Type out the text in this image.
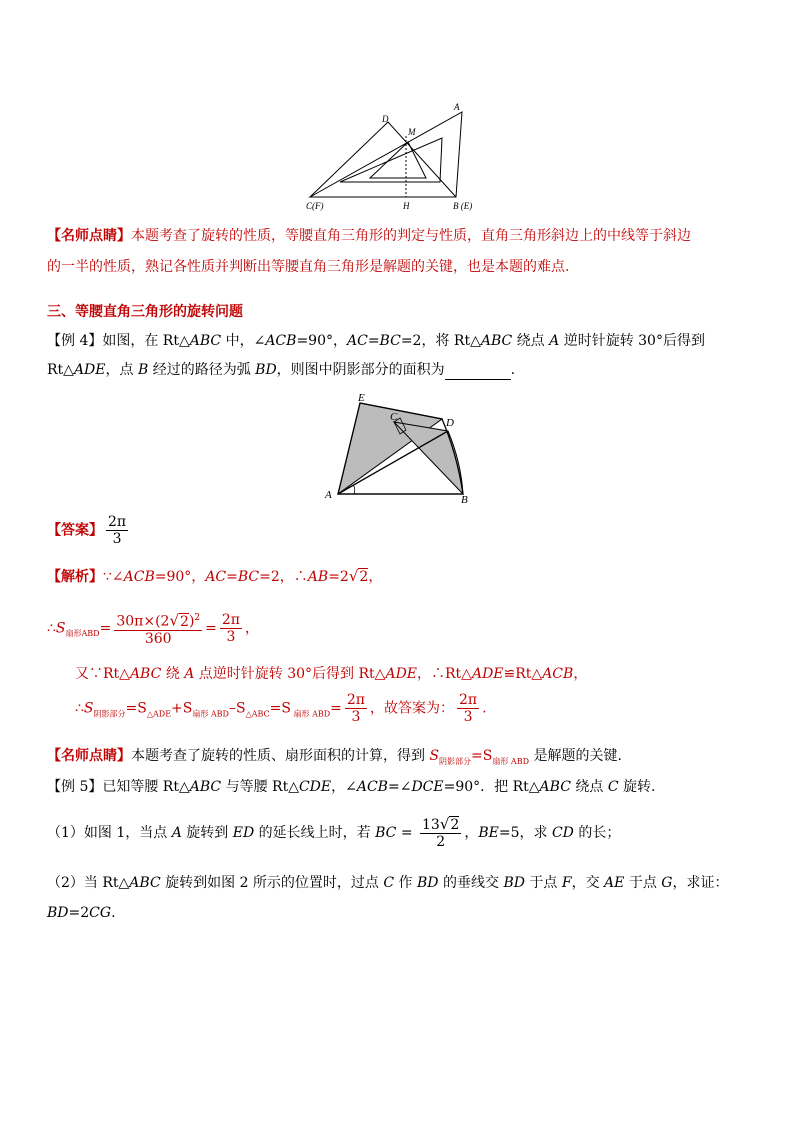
A
D
M
C(F)	H	B (E)
【名师点睛】本题考查了旋转的性质，等腰直角三角形的判定与性质，直角三角形斜边上的中线等于斜边
的一半的性质，熟记各性质并判断出等腰直角三角形是解题的关键，也是本题的难点.
三、等腰直角三角形的旋转问题
【例 4】如图，在 Rt△ABC 中，∠ACB=90°，AC=BC=2，将 Rt△ABC 绕点 A 逆时针旋转 30°后得到
Rt△ADE，点 B 经过的路径为弧 BD，则图中阴影部分的面积为	.
E
C	D
A	B
【答案】 $\frac{2\pi}{3}$
【解析】∵∠ACB=90°，AC=BC=2，∴AB=2√2，
$\therefore S_{扇形ABD}= \frac{30\pi\times(2√2)^2}{360} = \frac{2\pi}{3}$ ，
又∵Rt△ABC 绕 A 点逆时针旋转 30°后得到 Rt△ADE，∴Rt△ADE≌Rt△ACB，
$\therefore S_{阴影部分}=S_{\triangle ADE}+S_{扇形 ABD}-S_{\triangle ABC}=S$ $_{扇形 ABD}= \frac{2\pi}{3}$ ，故答案为： $\frac{2\pi}{3}$ .
【名师点睛】本题考查了旋转的性质、扇形面积的计算，得到 $S_{阴影部分}=S_{扇形 ABD}$ 是解题的关键.
【例 5】已知等腰 Rt△ABC 与等腰 Rt△CDE，∠ACB=∠DCE=90°．把 Rt△ABC 绕点 C 旋转.
（1）如图 1，当点 A 旋转到 ED 的延长线上时，若 BC = $\frac{13√2}{2}$ ，BE=5，求 CD 的长；
（2）当 Rt△ABC 旋转到如图 2 所示的位置时，过点 C 作 BD 的垂线交 BD 于点 F，交 AE 于点 G，求证：
BD=2CG.
